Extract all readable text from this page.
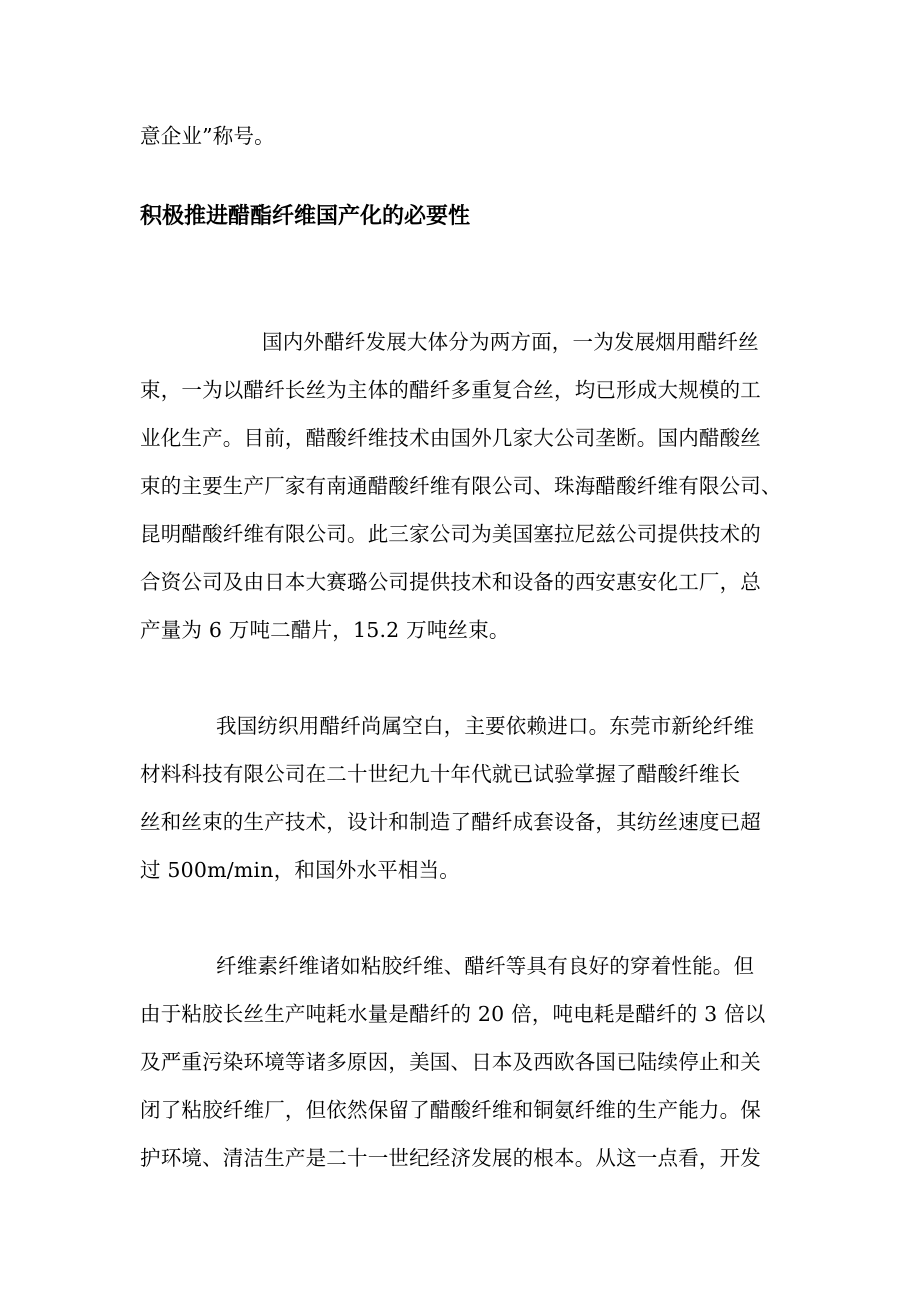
意企业”称号。
积极推进醋酯纤维国产化的必要性
国内外醋纤发展大体分为两方面，一为发展烟用醋纤丝
束，一为以醋纤长丝为主体的醋纤多重复合丝，均已形成大规模的工
业化生产。目前，醋酸纤维技术由国外几家大公司垄断。国内醋酸丝
束的主要生产厂家有南通醋酸纤维有限公司、珠海醋酸纤维有限公司、
昆明醋酸纤维有限公司。此三家公司为美国塞拉尼兹公司提供技术的
合资公司及由日本大赛璐公司提供技术和设备的西安惠安化工厂，总
产量为 6 万吨二醋片，15.2 万吨丝束。
我国纺织用醋纤尚属空白，主要依赖进口。东莞市新纶纤维
材料科技有限公司在二十世纪九十年代就已试验掌握了醋酸纤维长
丝和丝束的生产技术，设计和制造了醋纤成套设备，其纺丝速度已超
过 500m/min，和国外水平相当。
纤维素纤维诸如粘胶纤维、醋纤等具有良好的穿着性能。但
由于粘胶长丝生产吨耗水量是醋纤的 20 倍，吨电耗是醋纤的 3 倍以
及严重污染环境等诸多原因，美国、日本及西欧各国已陆续停止和关
闭了粘胶纤维厂，但依然保留了醋酸纤维和铜氨纤维的生产能力。保
护环境、清洁生产是二十一世纪经济发展的根本。从这一点看，开发
